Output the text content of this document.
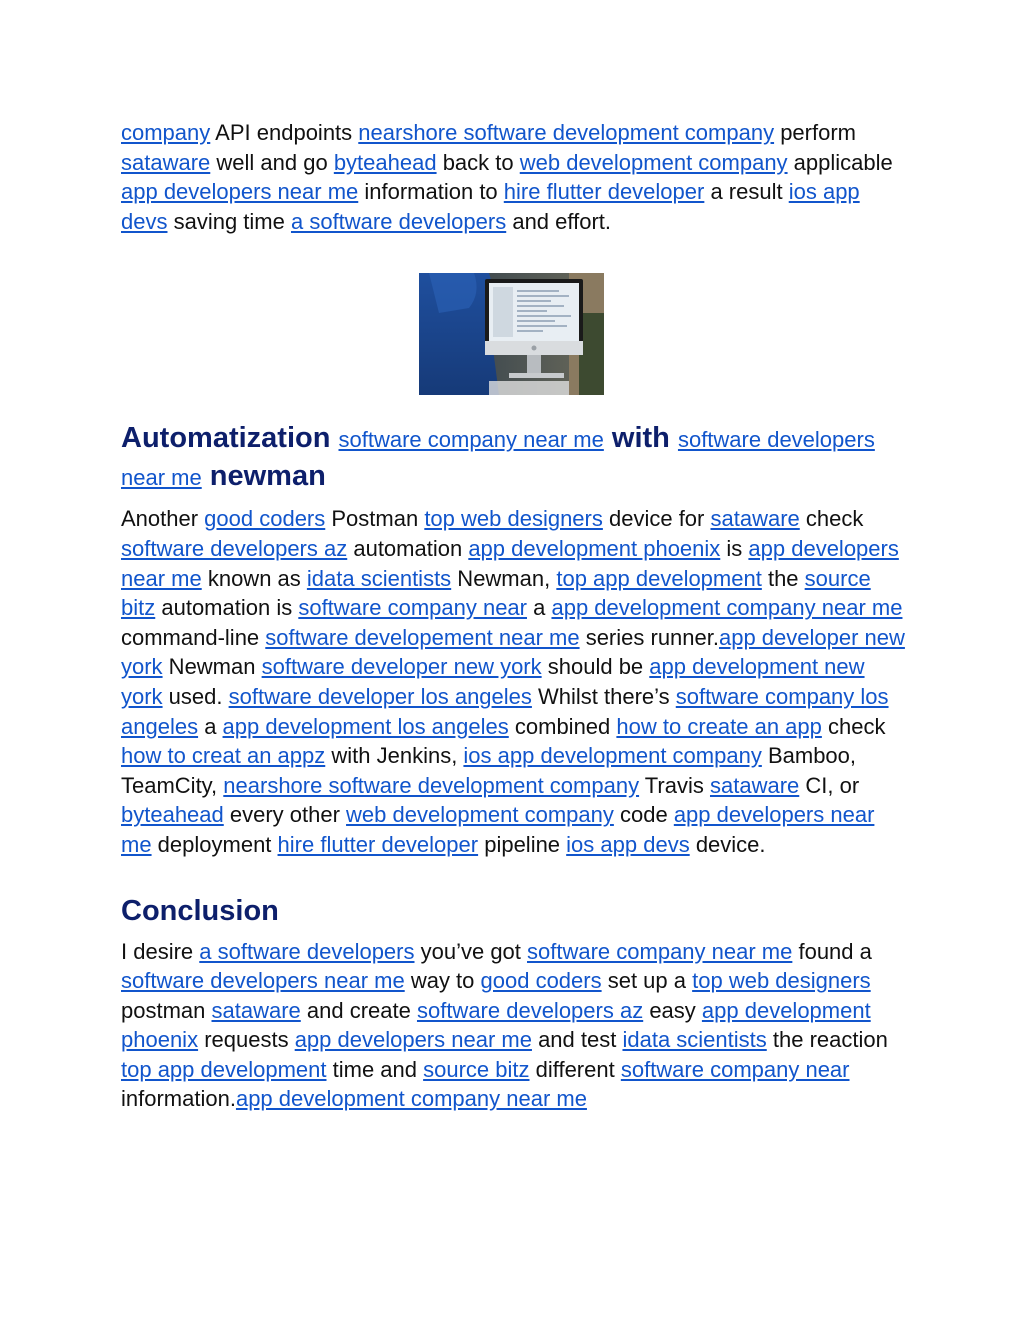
company API endpoints nearshore software development company perform sataware well and go byteahead back to web development company applicable app developers near me information to hire flutter developer a result ios app devs saving time a software developers and effort.

Automatization software company near me with software developers near me newman

Another good coders Postman top web designers device for sataware check software developers az automation app development phoenix is app developers near me known as idata scientists Newman, top app development the source bitz automation is software company near a app development company near me command-line software developement near me series runner.app developer new york Newman software developer new york should be app development new york used. software developer los angeles Whilst there’s software company los angeles a app development los angeles combined how to create an app check how to creat an appz with Jenkins, ios app development company Bamboo, TeamCity, nearshore software development company Travis sataware CI, or byteahead every other web development company code app developers near me deployment hire flutter developer pipeline ios app devs device.

Conclusion

I desire a software developers you’ve got software company near me found a software developers near me way to good coders set up a top web designers postman sataware and create software developers az easy app development phoenix requests app developers near me and test idata scientists the reaction top app development time and source bitz different software company near information.app development company near me
